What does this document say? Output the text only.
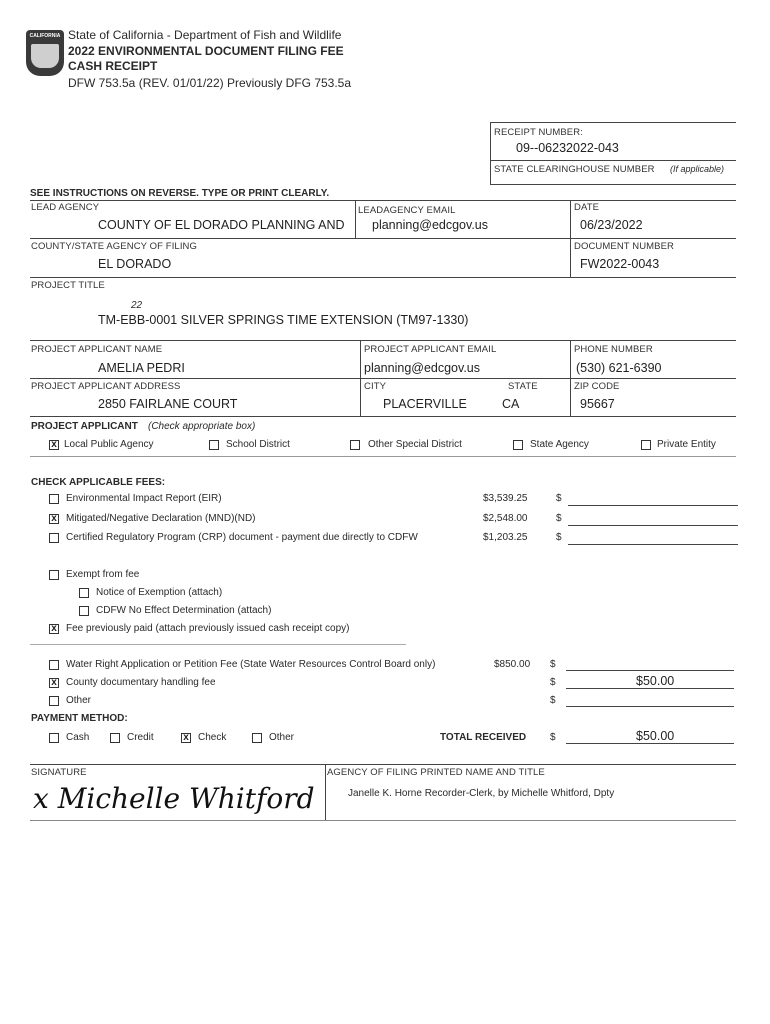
CALIFORNIA State of California - Department of Fish and Wildlife
2022 ENVIRONMENTAL DOCUMENT FILING FEE
CASH RECEIPT
DFW 753.5a (REV. 01/01/22) Previously DFG 753.5a
RECEIPT NUMBER:
09--06232022-043
STATE CLEARINGHOUSE NUMBER (If applicable)
SEE INSTRUCTIONS ON REVERSE. TYPE OR PRINT CLEARLY.
LEAD AGENCY
COUNTY OF EL DORADO PLANNING AND
LEADAGENCY EMAIL
planning@edcgov.us
DATE
06/23/2022
COUNTY/STATE AGENCY OF FILING
EL DORADO
DOCUMENT NUMBER
FW2022-0043
PROJECT TITLE
22
TM-EBB-0001 SILVER SPRINGS TIME EXTENSION (TM97-1330)
PROJECT APPLICANT NAME
AMELIA PEDRI
PROJECT APPLICANT EMAIL
planning@edcgov.us
PHONE NUMBER
(530) 621-6390
PROJECT APPLICANT ADDRESS
2850 FAIRLANE COURT
CITY
PLACERVILLE
STATE
CA
ZIP CODE
95667
PROJECT APPLICANT (Check appropriate box)
x Local Public Agency	School District	Other Special District	State Agency	Private Entity
CHECK APPLICABLE FEES:
Environmental Impact Report (EIR)	$3,539.25	$
x Mitigated/Negative Declaration (MND)(ND)	$2,548.00	$
Certified Regulatory Program (CRP) document - payment due directly to CDFW	$1,203.25	$
Exempt from fee
Notice of Exemption (attach)
CDFW No Effect Determination (attach)
x Fee previously paid (attach previously issued cash receipt copy)
Water Right Application or Petition Fee (State Water Resources Control Board only)	$850.00 $
x County documentary handling fee	$	$50.00
Other	$
PAYMENT METHOD:
Cash	Credit	x Check	Other	TOTAL RECEIVED $	$50.00
SIGNATURE
x Michelle Whitford
AGENCY OF FILING PRINTED NAME AND TITLE
Janelle K. Horne Recorder-Clerk, by Michelle Whitford, Dpty
